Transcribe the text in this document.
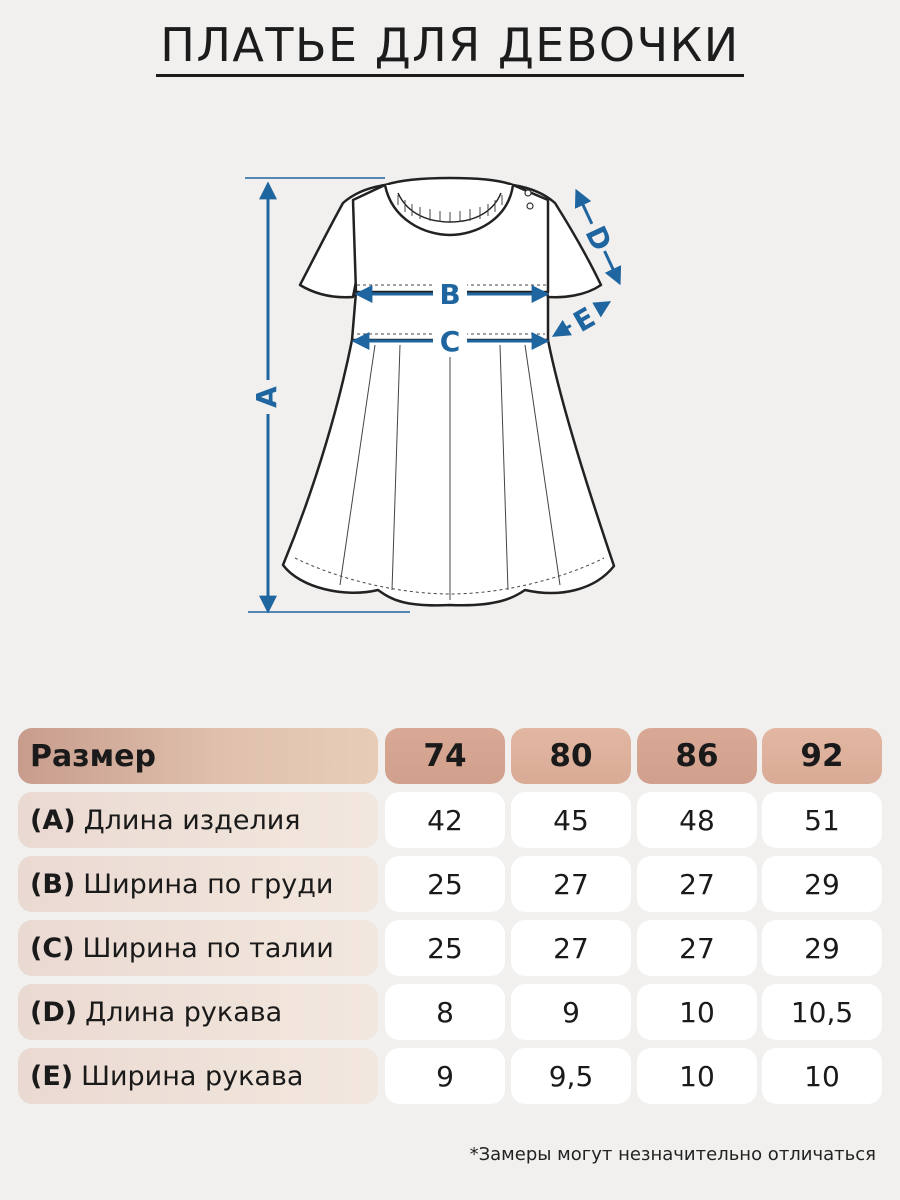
ПЛАТЬЕ ДЛЯ ДЕВОЧКИ
A
B
C
D
E
Размер	74	80	86	92
(A) Длина изделия	42	45	48	51
(B) Ширина по груди	25	27	27	29
(C) Ширина по талии	25	27	27	29
(D) Длина рукава	8	9	10	10,5
(E) Ширина рукава	9	9,5	10	10
*Замеры могут незначительно отличаться
